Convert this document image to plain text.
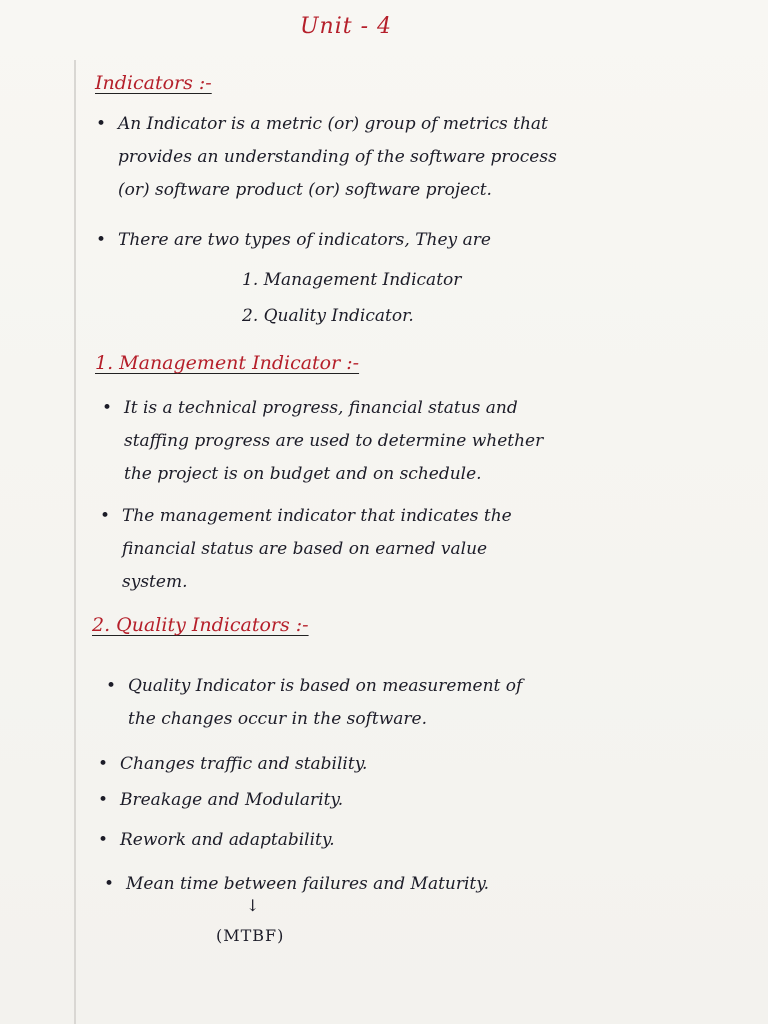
Unit - 4
Indicators :-
• An Indicator is a metric (or) group of metrics that
provides an understanding of the software process
(or) software product (or) software project.
• There are two types of indicators, They are
1. Management Indicator
2. Quality Indicator.
1. Management Indicator :-
• It is a technical progress, financial status and
staffing progress are used to determine whether
the project is on budget and on schedule.
• The management indicator that indicates the
financial status are based on earned value
system.
2. Quality Indicators :-
• Quality Indicator is based on measurement of
the changes occur in the software.
• Changes traffic and stability.
• Breakage and Modularity.
• Rework and adaptability.
• Mean time between failures and Maturity.
↓
(MTBF)
